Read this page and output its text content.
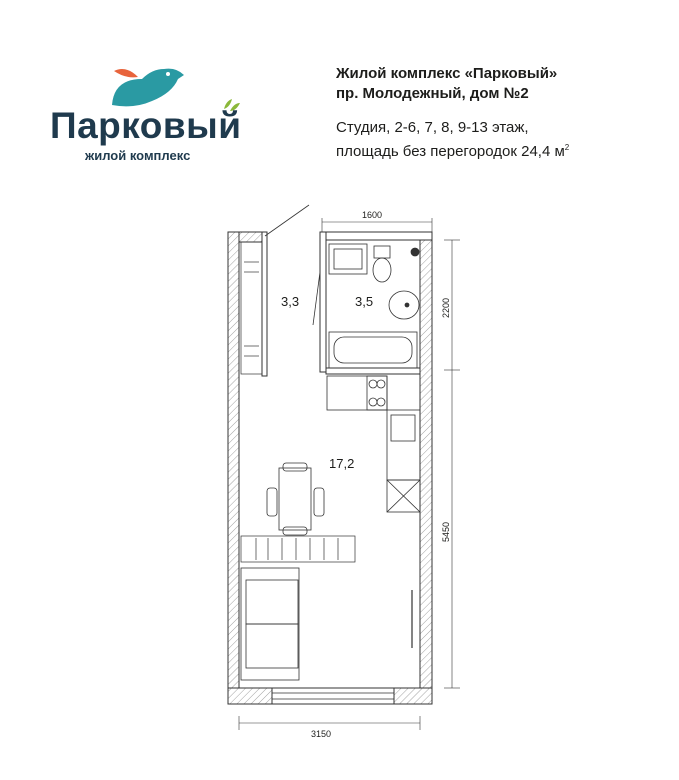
Парковый
жилой комплекс
Жилой комплекс «Парковый»
пр. Молодежный, дом №2
Студия, 2-6, 7, 8, 9-13 этаж,
площадь без перегородок 24,4 $м^2$
3,3	3,5
17,2
1600
2200
5450
3150
